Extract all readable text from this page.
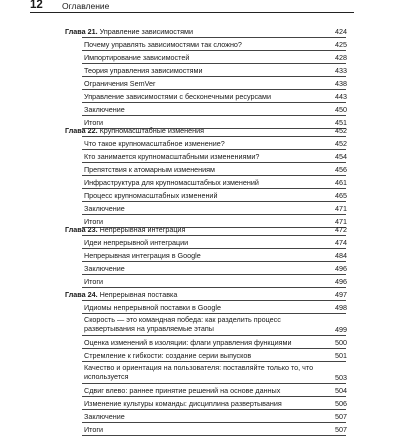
12 Оглавление
Глава 21. Управление зависимостями	424
Почему управлять зависимостями так сложно?	425
Импортирование зависимостей	428
Теория управления зависимостями	433
Ограничения SemVer	438
Управление зависимостями с бесконечными ресурсами	443
Заключение	450
Итоги	451
Глава 22. Крупномасштабные изменения	452
Что такое крупномасштабное изменение?	452
Кто занимается крупномасштабными изменениями?	454
Препятствия к атомарным изменениям	456
Инфраструктура для крупномасштабных изменений	461
Процесс крупномасштабных изменений	465
Заключение	471
Итоги	471
Глава 23. Непрерывная интеграция	472
Идеи непрерывной интеграции	474
Непрерывная интеграция в Google	484
Заключение	496
Итоги	496
Глава 24. Непрерывная поставка	497
Идиомы непрерывной поставки в Google	498
Скорость — это командная победа: как разделить процесс развертывания на управляемые этапы	499
Оценка изменений в изоляции: флаги управления функциями	500
Стремление к гибкости: создание серии выпусков	501
Качество и ориентация на пользователя: поставляйте только то, что используется	503
Сдвиг влево: раннее принятие решений на основе данных	504
Изменение культуры команды: дисциплина развертывания	506
Заключение	507
Итоги	507
